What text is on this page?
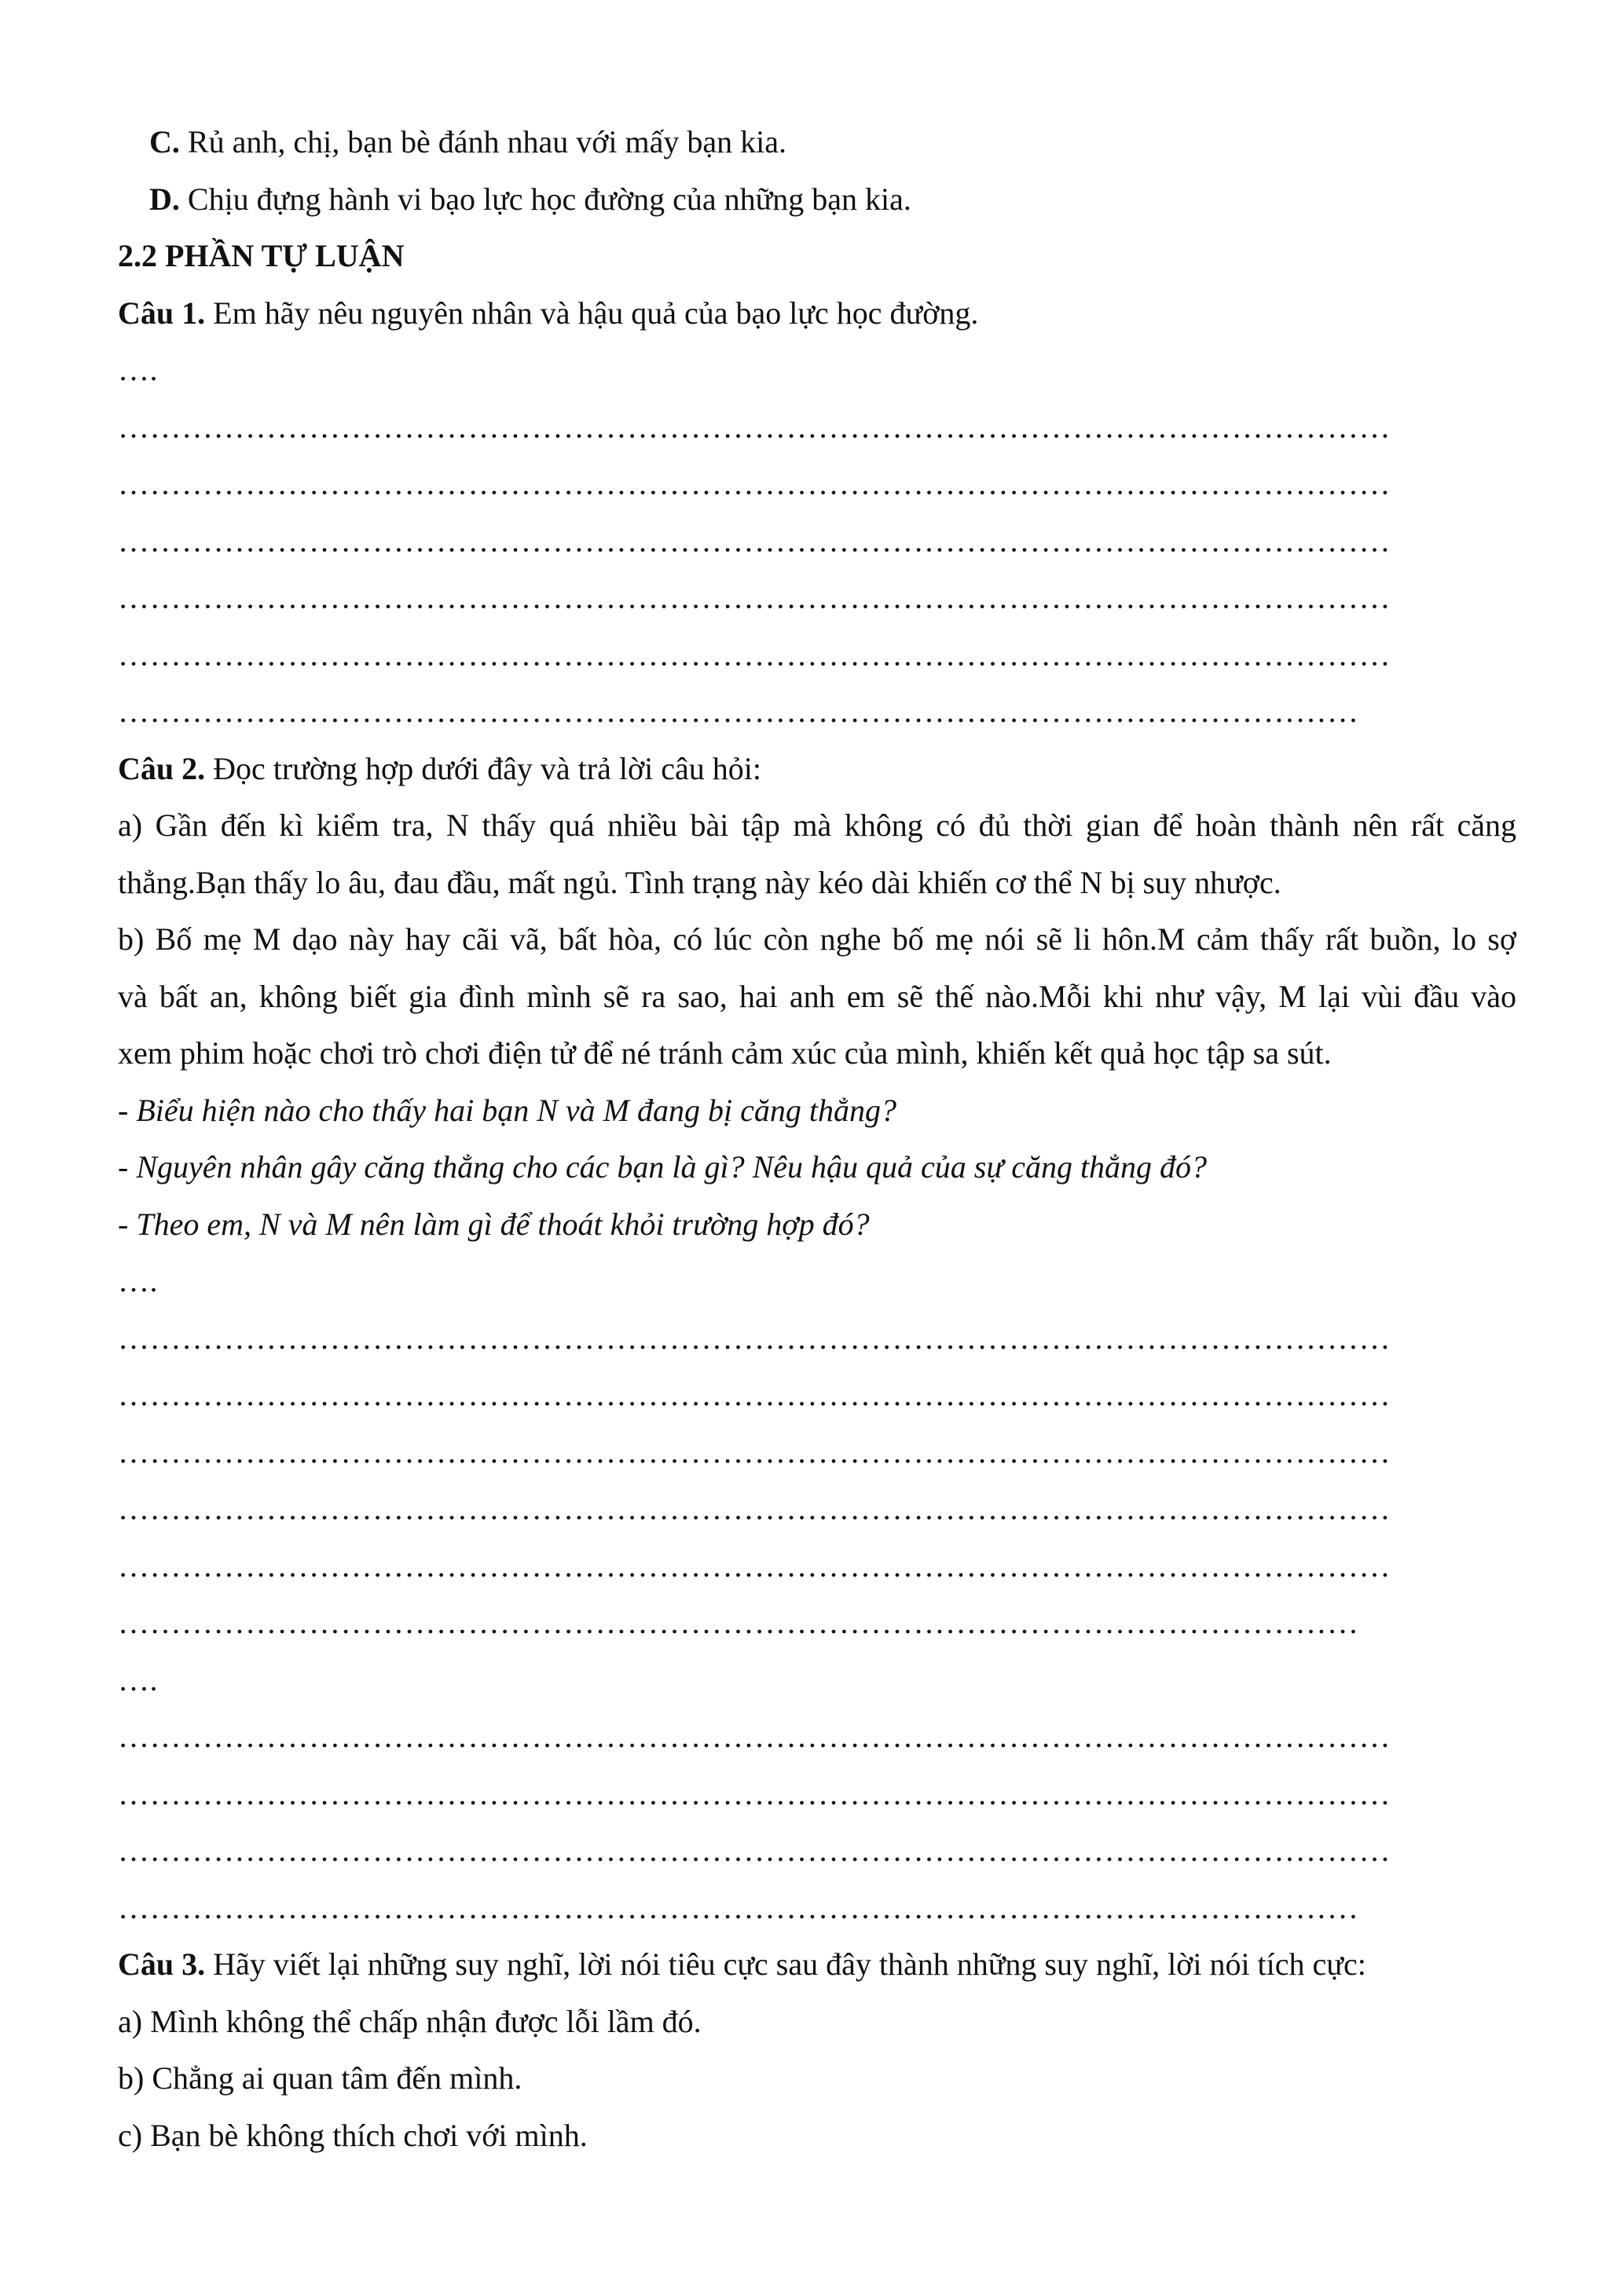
C. Rủ anh, chị, bạn bè đánh nhau với mấy bạn kia.
D. Chịu đựng hành vi bạo lực học đường của những bạn kia.
2.2 PHẦN TỰ LUẬN
Câu 1. Em hãy nêu nguyên nhân và hậu quả của bạo lực học đường.
….
…………………………………………………………………………………………………………
…………………………………………………………………………………………………………
…………………………………………………………………………………………………………
…………………………………………………………………………………………………………
…………………………………………………………………………………………………………
………………………………………………………………………………………………………
Câu 2. Đọc trường hợp dưới đây và trả lời câu hỏi:
a) Gần đến kì kiểm tra, N thấy quá nhiều bài tập mà không có đủ thời gian để hoàn thành nên rất căng
thẳng.Bạn thấy lo âu, đau đầu, mất ngủ. Tình trạng này kéo dài khiến cơ thể N bị suy nhược.
b) Bố mẹ M dạo này hay cãi vã, bất hòa, có lúc còn nghe bố mẹ nói sẽ li hôn.M cảm thấy rất buồn, lo sợ
và bất an, không biết gia đình mình sẽ ra sao, hai anh em sẽ thế nào.Mỗi khi như vậy, M lại vùi đầu vào
xem phim hoặc chơi trò chơi điện tử để né tránh cảm xúc của mình, khiến kết quả học tập sa sút.
- Biểu hiện nào cho thấy hai bạn N và M đang bị căng thẳng?
- Nguyên nhân gây căng thẳng cho các bạn là gì? Nêu hậu quả của sự căng thẳng đó?
- Theo em, N và M nên làm gì để thoát khỏi trường hợp đó?
….
…………………………………………………………………………………………………………
…………………………………………………………………………………………………………
…………………………………………………………………………………………………………
…………………………………………………………………………………………………………
…………………………………………………………………………………………………………
………………………………………………………………………………………………………
….
…………………………………………………………………………………………………………
…………………………………………………………………………………………………………
…………………………………………………………………………………………………………
………………………………………………………………………………………………………
Câu 3. Hãy viết lại những suy nghĩ, lời nói tiêu cực sau đây thành những suy nghĩ, lời nói tích cực:
a) Mình không thể chấp nhận được lỗi lầm đó.
b) Chẳng ai quan tâm đến mình.
c) Bạn bè không thích chơi với mình.
